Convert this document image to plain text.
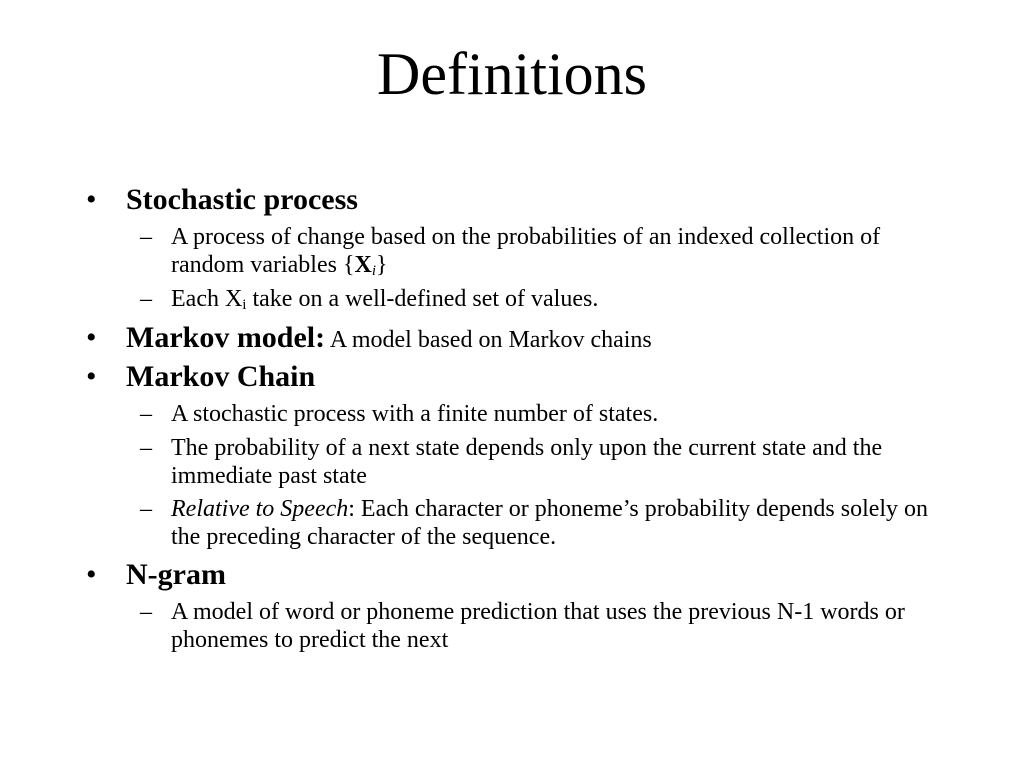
Definitions
• Stochastic process
– A process of change based on the probabilities of an indexed collection of random variables $\{X_i\}$
– Each $X_i$ take on a well-defined set of values.
• Markov model: A model based on Markov chains
• Markov Chain
– A stochastic process with a finite number of states.
– The probability of a next state depends only upon the current state and the immediate past state
– Relative to Speech: Each character or phoneme’s probability depends solely on the preceding character of the sequence.
• N-gram
– A model of word or phoneme prediction that uses the previous N-1 words or phonemes to predict the next
